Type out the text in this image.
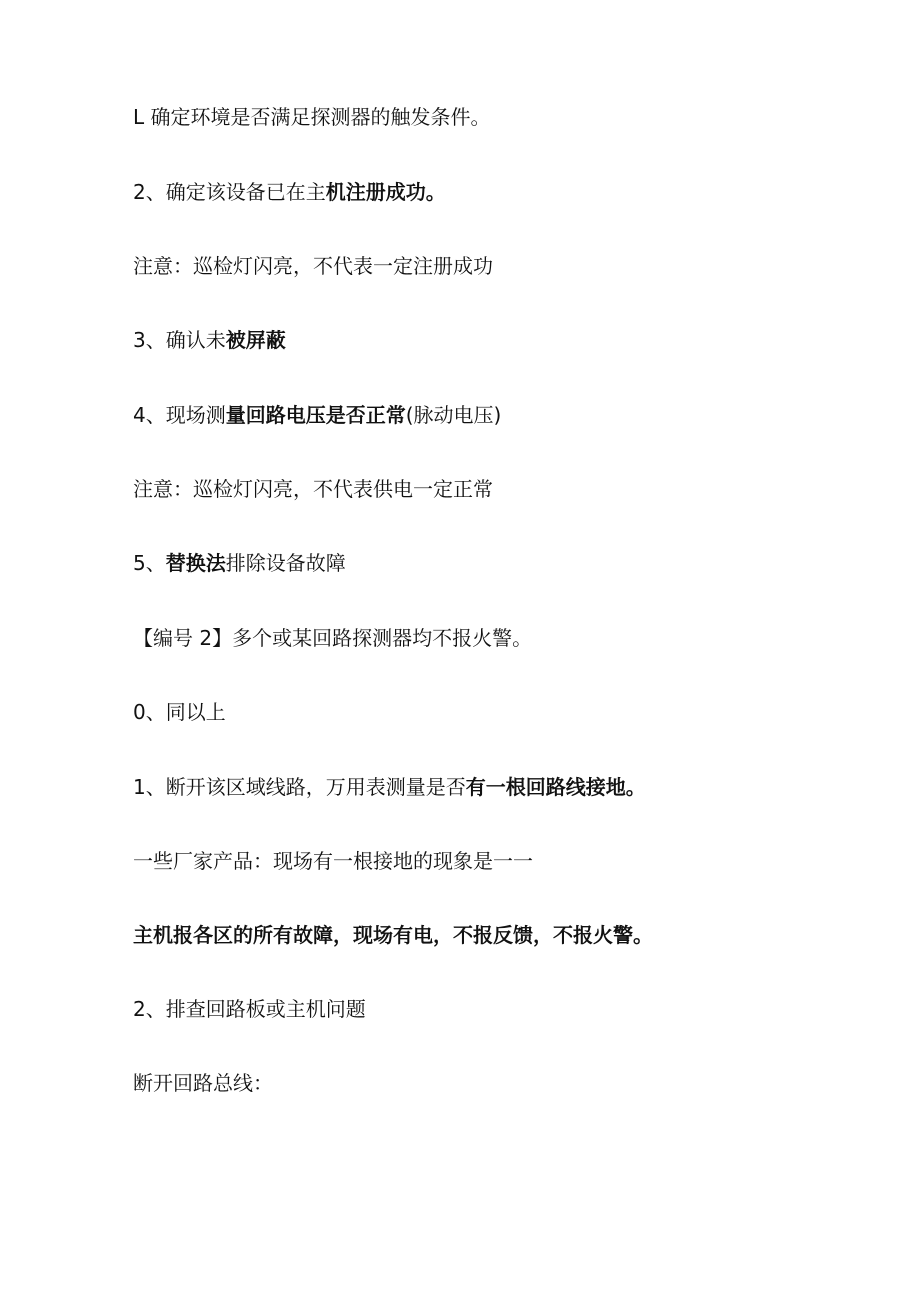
L 确定环境是否满足探测器的触发条件。
2、确定该设备已在主机注册成功。
注意：巡检灯闪亮，不代表一定注册成功
3、确认未被屏蔽
4、现场测量回路电压是否正常(脉动电压)
注意：巡检灯闪亮，不代表供电一定正常
5、替换法排除设备故障
【编号 2】多个或某回路探测器均不报火警。
0、同以上
1、断开该区域线路，万用表测量是否有一根回路线接地。
一些厂家产品：现场有一根接地的现象是一一
主机报各区的所有故障，现场有电，不报反馈，不报火警。
2、排查回路板或主机问题
断开回路总线：
